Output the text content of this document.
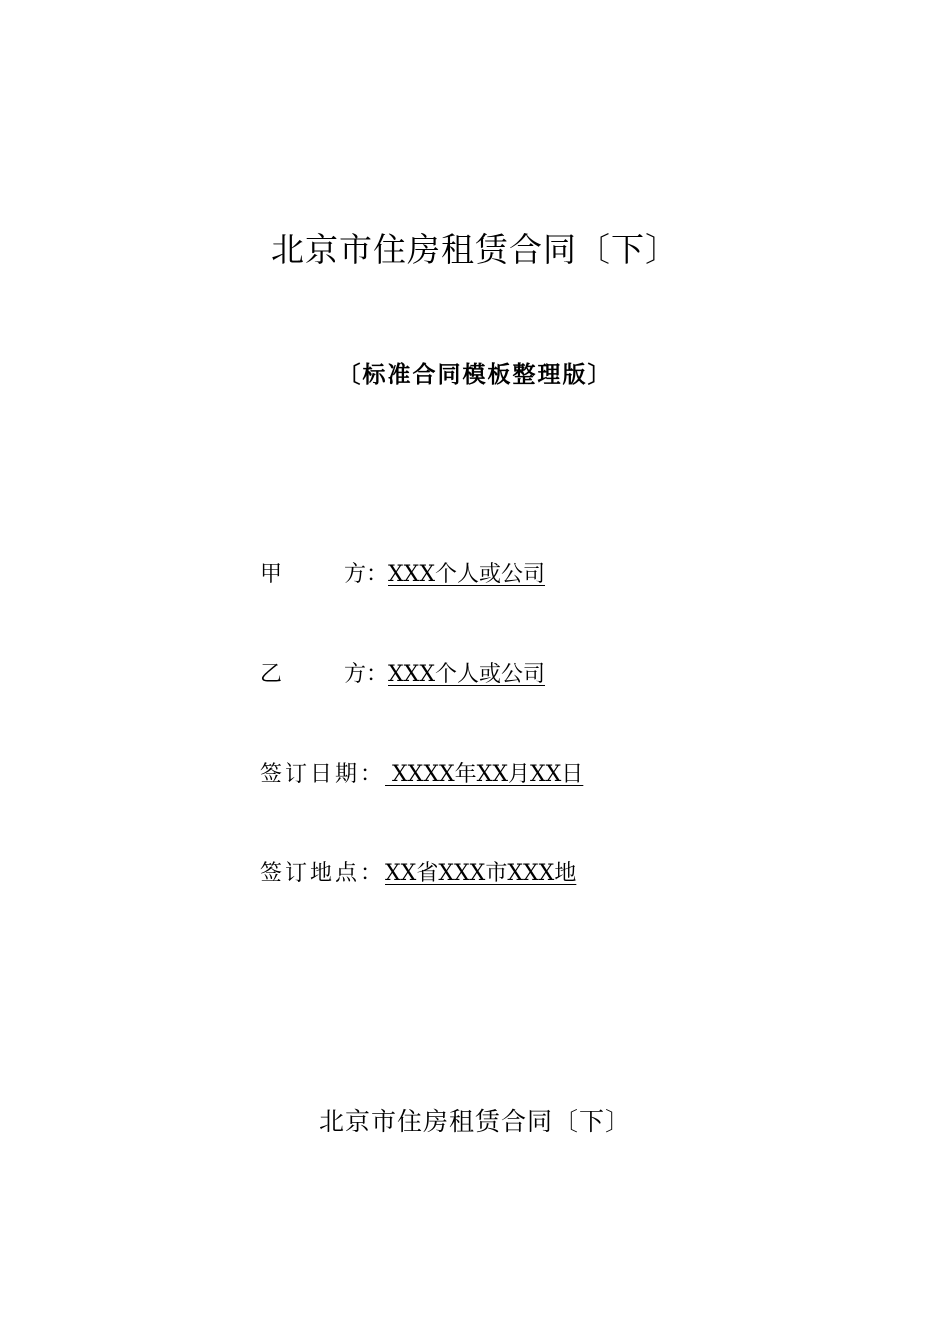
北京市住房租赁合同〔下〕
〔标准合同模板整理版〕
甲	方： XXX个人或公司
乙	方： XXX个人或公司
签订日期： XXXX年XX月XX日
签订地点：XX省XXX市XXX地
北京市住房租赁合同〔下〕
